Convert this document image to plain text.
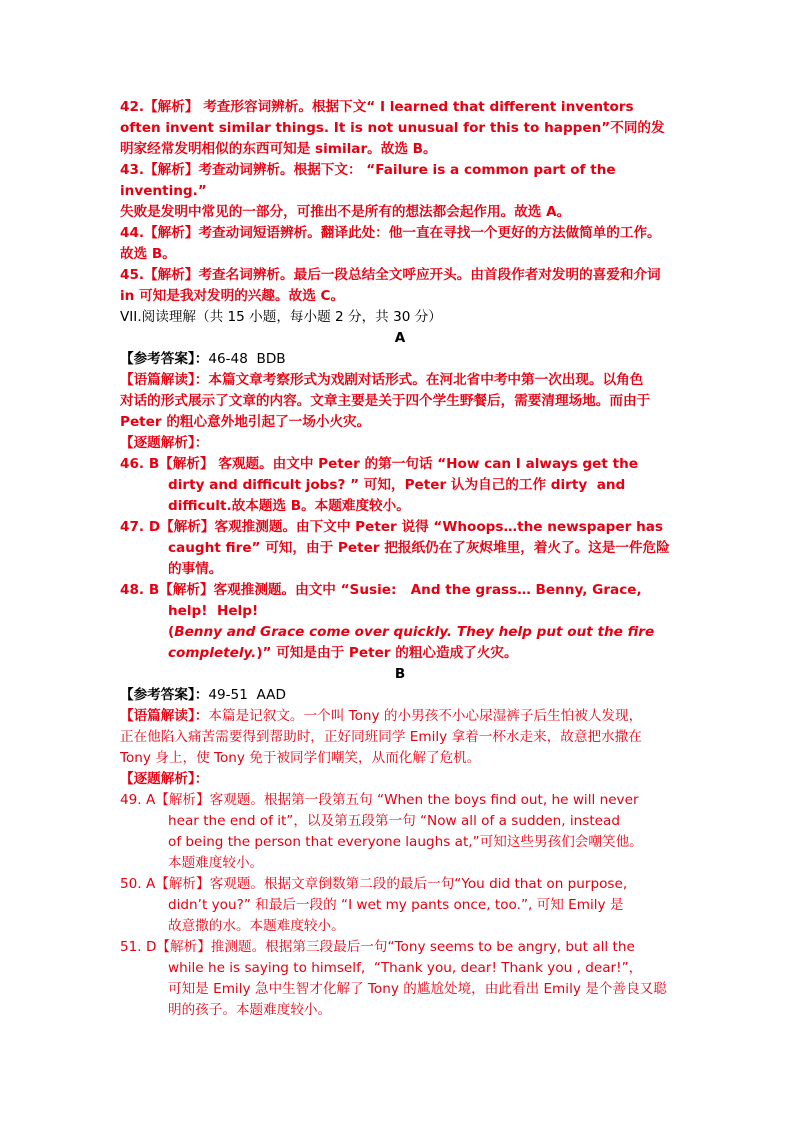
42.【解析】 考查形容词辨析。根据下文“ I learned that different inventors
often invent similar things. It is not unusual for this to happen”不同的发
明家经常发明相似的东西可知是 similar。故选 B。
43.【解析】考查动词辨析。根据下文： “Failure is a common part of the
inventing.”
失败是发明中常见的一部分，可推出不是所有的想法都会起作用。故选 A。
44.【解析】考查动词短语辨析。翻译此处：他一直在寻找一个更好的方法做简单的工作。
故选 B。
45.【解析】考查名词辨析。最后一段总结全文呼应开头。由首段作者对发明的喜爱和介词
in 可知是我对发明的兴趣。故选 C。
VII.阅读理解（共 15 小题，每小题 2 分，共 30 分）
A
【参考答案】：46-48  BDB
【语篇解读】：本篇文章考察形式为戏剧对话形式。在河北省中考中第一次出现。以角色
对话的形式展示了文章的内容。文章主要是关于四个学生野餐后，需要清理场地。而由于
Peter 的粗心意外地引起了一场小火灾。
【逐题解析】：
46. B【解析】 客观题。由文中 Peter 的第一句话 “How can I always get the
dirty and difficult jobs? ” 可知，Peter 认为自己的工作 dirty  and
difficult.故本题选 B。本题难度较小。
47. D【解析】客观推测题。由下文中 Peter 说得 “Whoops…the newspaper has
caught fire” 可知，由于 Peter 把报纸仍在了灰烬堆里，着火了。这是一件危险
的事情。
48. B【解析】客观推测题。由文中 “Susie:   And the grass… Benny, Grace,
help!  Help!
(Benny and Grace come over quickly. They help put out the fire
completely.)” 可知是由于 Peter 的粗心造成了火灾。
B
【参考答案】：49-51  AAD
【语篇解读】：本篇是记叙文。一个叫 Tony 的小男孩不小心尿湿裤子后生怕被人发现，
正在他陷入痛苦需要得到帮助时，正好同班同学 Emily 拿着一杯水走来，故意把水撒在
Tony 身上，使 Tony 免于被同学们嘲笑，从而化解了危机。
【逐题解析】：
49. A【解析】客观题。根据第一段第五句 “When the boys find out, he will never
hear the end of it”，以及第五段第一句 “Now all of a sudden, instead
of being the person that everyone laughs at,”可知这些男孩们会嘲笑他。
本题难度较小。
50. A【解析】客观题。根据文章倒数第二段的最后一句“You did that on purpose,
didn’t you?” 和最后一段的 “I wet my pants once, too.”, 可知 Emily 是
故意撒的水。本题难度较小。
51. D【解析】推测题。根据第三段最后一句“Tony seems to be angry, but all the
while he is saying to himself,  “Thank you, dear! Thank you , dear!”，
可知是 Emily 急中生智才化解了 Tony 的尴尬处境，由此看出 Emily 是个善良又聪
明的孩子。本题难度较小。
